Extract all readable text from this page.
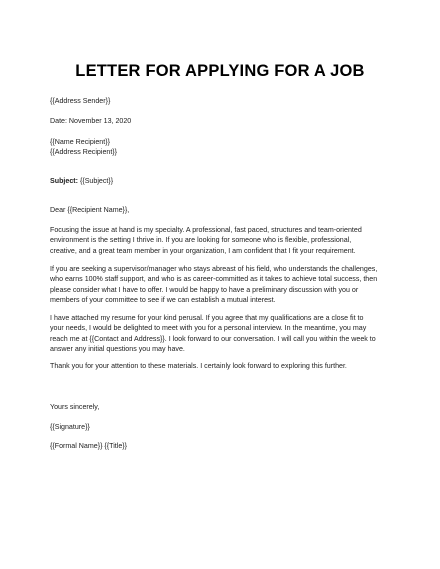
LETTER FOR APPLYING FOR A JOB
{{Address Sender}}
Date: November 13, 2020
{{Name Recipient}}
{{Address Recipient}}
Subject: {{Subject}}
Dear {{Recipient Name}},
Focusing the issue at hand is my specialty. A professional, fast paced, structures and team-oriented
environment is the setting I thrive in. If you are looking for someone who is flexible, professional,
creative, and a great team member in your organization, I am confident that I fit your requirement.
If you are seeking a supervisor/manager who stays abreast of his field, who understands the challenges,
who earns 100% staff support, and who is as career-committed as it takes to achieve total success, then
please consider what I have to offer. I would be happy to have a preliminary discussion with you or
members of your committee to see if we can establish a mutual interest.
I have attached my resume for your kind perusal. If you agree that my qualifications are a close fit to
your needs, I would be delighted to meet with you for a personal interview. In the meantime, you may
reach me at {{Contact and Address}}. I look forward to our conversation. I will call you within the week to
answer any initial questions you may have.
Thank you for your attention to these materials. I certainly look forward to exploring this further.
Yours sincerely,
{{Signature}}
{{Formal Name}} {{Title}}
